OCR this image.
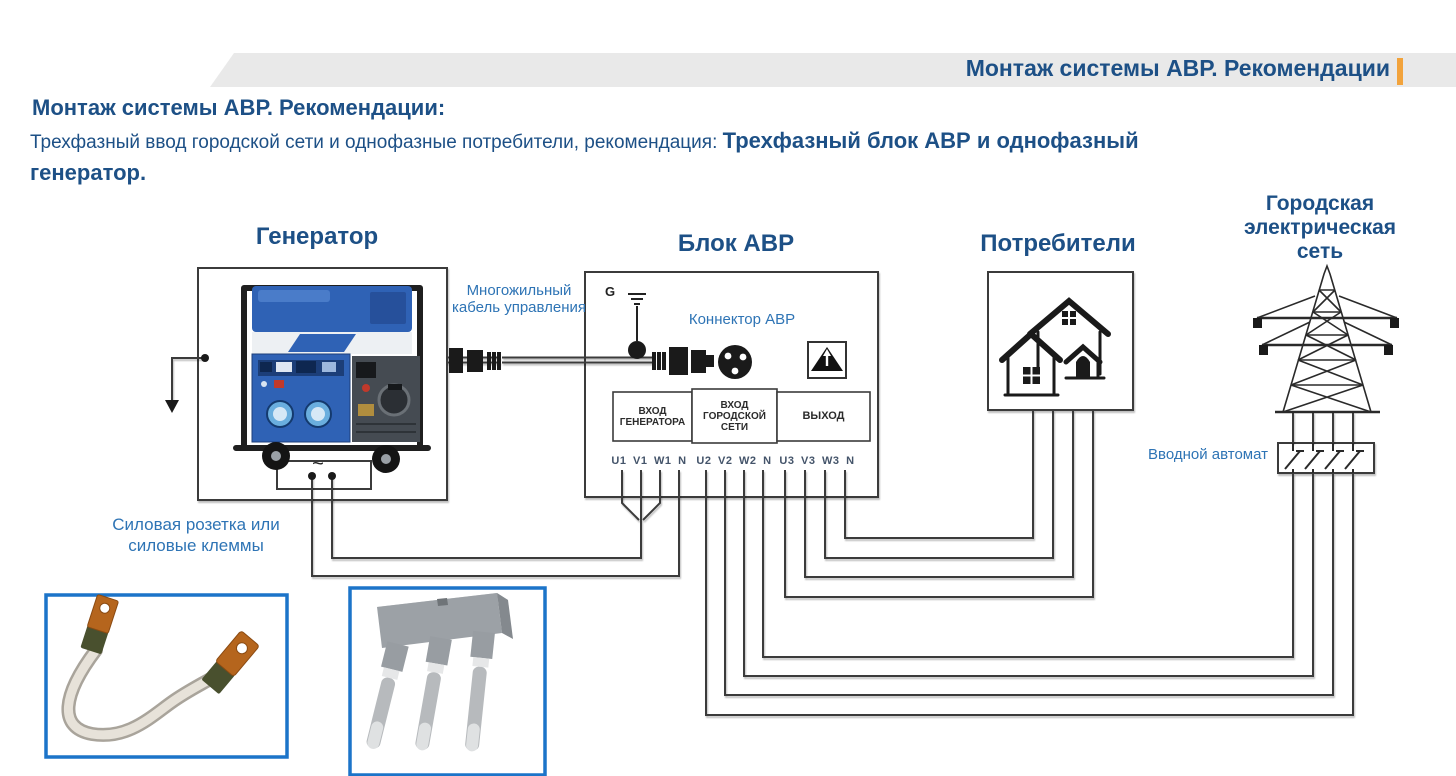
Монтаж системы АВР. Рекомендации
Монтаж системы АВР. Рекомендации:
Трехфазный ввод городской сети и однофазные потребители, рекомендация: Трехфазный блок АВР и однофазный
генератор.
Генератор	Блок АВР	Потребители
Городская электрическая сеть
Многожильный кабель управления
Коннектор АВР
Силовая розетка или силовые клеммы
Вводной автомат
G
~
ВХОД ГЕНЕРАТОРА
ВХОД ГОРОДСКОЙ СЕТИ
ВЫХОД
U1 V1 W1 N U2 V2 W2 N U3 V3 W3 N
